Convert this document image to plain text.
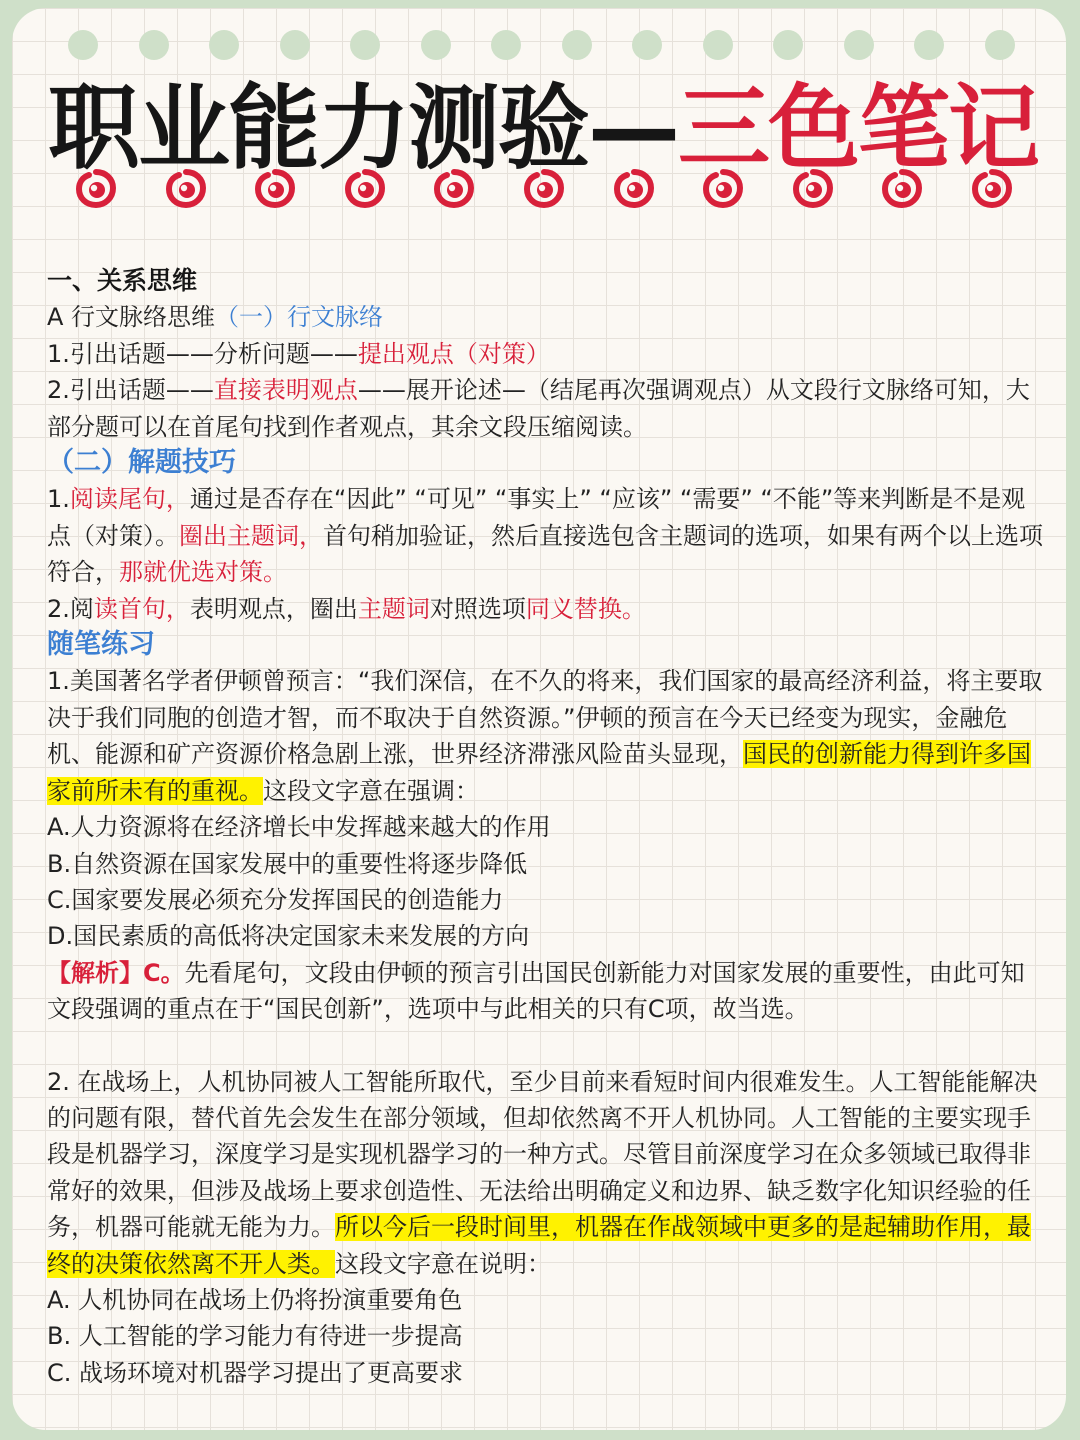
职业能力测验—三色笔记

一、关系思维

A 行文脉络思维（一）行文脉络

1.引出话题——分析问题——提出观点（对策）

2.引出话题——直接表明观点——展开论述—（结尾再次强调观点）从文段行文脉络可知，大部分题可以在首尾句找到作者观点，其余文段压缩阅读。

（二）解题技巧

1.阅读尾句，通过是否存在“因此” “可见” “事实上” “应该” “需要” “不能”等来判断是不是观点（对策）。圈出主题词，首句稍加验证，然后直接选包含主题词的选项，如果有两个以上选项符合，那就优选对策。

2.阅读首句，表明观点，圈出主题词对照选项同义替换。

随笔练习

1.美国著名学者伊顿曾预言：“我们深信，在不久的将来，我们国家的最高经济利益，将主要取决于我们同胞的创造才智，而不取决于自然资源。”伊顿的预言在今天已经变为现实，金融危机、能源和矿产资源价格急剧上涨，世界经济滞涨风险苗头显现，国民的创新能力得到许多国家前所未有的重视。这段文字意在强调：

A.人力资源将在经济增长中发挥越来越大的作用

B.自然资源在国家发展中的重要性将逐步降低

C.国家要发展必须充分发挥国民的创造能力

D.国民素质的高低将决定国家未来发展的方向

【解析】C。先看尾句，文段由伊顿的预言引出国民创新能力对国家发展的重要性，由此可知文段强调的重点在于“国民创新”，选项中与此相关的只有C项，故当选。

2. 在战场上，人机协同被人工智能所取代，至少目前来看短时间内很难发生。人工智能能解决的问题有限，替代首先会发生在部分领域，但却依然离不开人机协同。人工智能的主要实现手段是机器学习，深度学习是实现机器学习的一种方式。尽管目前深度学习在众多领域已取得非常好的效果，但涉及战场上要求创造性、无法给出明确定义和边界、缺乏数字化知识经验的任务，机器可能就无能为力。所以今后一段时间里，机器在作战领域中更多的是起辅助作用，最终的决策依然离不开人类。这段文字意在说明：

A. 人机协同在战场上仍将扮演重要角色

B. 人工智能的学习能力有待进一步提高

C. 战场环境对机器学习提出了更高要求
